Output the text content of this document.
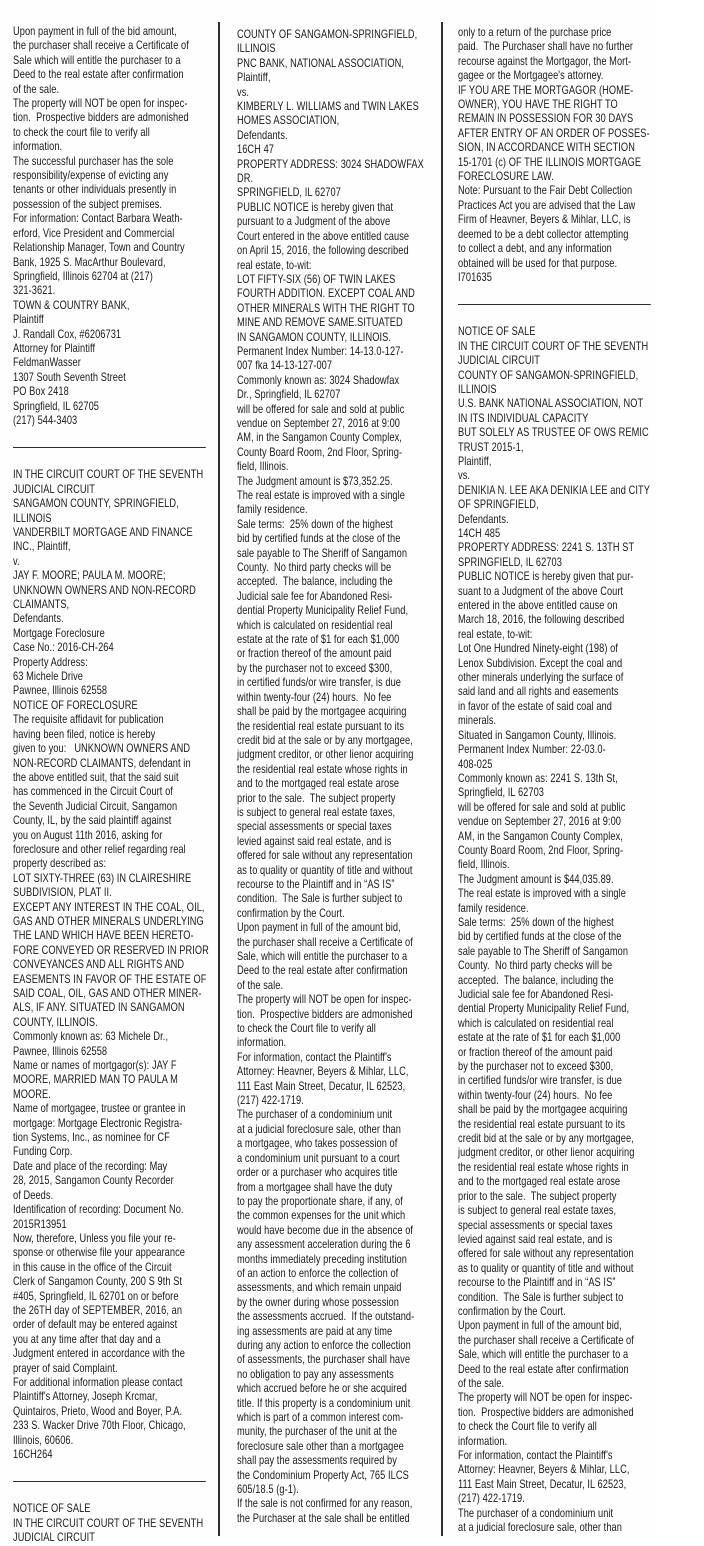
Upon payment in full of the bid amount,
the purchaser shall receive a Certificate of
Sale which will entitle the purchaser to a
Deed to the real estate after confirmation
of the sale.
The property will NOT be open for inspec-
tion.  Prospective bidders are admonished
to check the court file to verify all
information.
The successful purchaser has the sole
responsibility/expense of evicting any
tenants or other individuals presently in
possession of the subject premises.
For information: Contact Barbara Weath-
erford, Vice President and Commercial
Relationship Manager, Town and Country
Bank, 1925 S. MacArthur Boulevard,
Springfield, Illinois 62704 at (217)
321-3621.
TOWN & COUNTRY BANK,
Plaintiff
J. Randall Cox, #6206731
Attorney for Plaintiff
FeldmanWasser
1307 South Seventh Street
PO Box 2418
Springfield, IL 62705
(217) 544-3403
IN THE CIRCUIT COURT OF THE SEVENTH
JUDICIAL CIRCUIT
SANGAMON COUNTY, SPRINGFIELD,
ILLINOIS
VANDERBILT MORTGAGE AND FINANCE
INC., Plaintiff,
v.
JAY F. MOORE; PAULA M. MOORE;
UNKNOWN OWNERS AND NON-RECORD
CLAIMANTS,
Defendants.
Mortgage Foreclosure
Case No.: 2016-CH-264
Property Address:
63 Michele Drive
Pawnee, Illinois 62558
NOTICE OF FORECLOSURE
The requisite affidavit for publication
having been filed, notice is hereby
given to you:   UNKNOWN OWNERS AND
NON-RECORD CLAIMANTS, defendant in
the above entitled suit, that the said suit
has commenced in the Circuit Court of
the Seventh Judicial Circuit, Sangamon
County, IL, by the said plaintiff against
you on August 11th 2016, asking for
foreclosure and other relief regarding real
property described as:
LOT SIXTY-THREE (63) IN CLAIRESHIRE
SUBDIVISION, PLAT II.
EXCEPT ANY INTEREST IN THE COAL, OIL,
GAS AND OTHER MINERALS UNDERLYING
THE LAND WHICH HAVE BEEN HERETO-
FORE CONVEYED OR RESERVED IN PRIOR
CONVEYANCES AND ALL RIGHTS AND
EASEMENTS IN FAVOR OF THE ESTATE OF
SAID COAL, OIL, GAS AND OTHER MINER-
ALS, IF ANY. SITUATED IN SANGAMON
COUNTY, ILLINOIS.
Commonly known as: 63 Michele Dr.,
Pawnee, Illinois 62558
Name or names of mortgagor(s): JAY F
MOORE, MARRIED MAN TO PAULA M
MOORE.
Name of mortgagee, trustee or grantee in
mortgage: Mortgage Electronic Registra-
tion Systems, Inc., as nominee for CF
Funding Corp.
Date and place of the recording: May
28, 2015, Sangamon County Recorder
of Deeds.
Identification of recording: Document No.
2015R13951
Now, therefore, Unless you file your re-
sponse or otherwise file your appearance
in this cause in the office of the Circuit
Clerk of Sangamon County, 200 S 9th St
#405, Springfield, IL 62701 on or before
the 26TH day of SEPTEMBER, 2016, an
order of default may be entered against
you at any time after that day and a
Judgment entered in accordance with the
prayer of said Complaint.
For additional information please contact
Plaintiff's Attorney, Joseph Krcmar,
Quintairos, Prieto, Wood and Boyer, P.A.
233 S. Wacker Drive 70th Floor, Chicago,
Illinois, 60606.
16CH264
NOTICE OF SALE
IN THE CIRCUIT COURT OF THE SEVENTH
JUDICIAL CIRCUIT
COUNTY OF SANGAMON-SPRINGFIELD,
ILLINOIS
PNC BANK, NATIONAL ASSOCIATION,
Plaintiff,
vs.
KIMBERLY L. WILLIAMS and TWIN LAKES
HOMES ASSOCIATION,
Defendants.
16CH 47
PROPERTY ADDRESS: 3024 SHADOWFAX
DR.
SPRINGFIELD, IL 62707
PUBLIC NOTICE is hereby given that
pursuant to a Judgment of the above
Court entered in the above entitled cause
on April 15, 2016, the following described
real estate, to-wit:
LOT FIFTY-SIX (56) OF TWIN LAKES
FOURTH ADDITION. EXCEPT COAL AND
OTHER MINERALS WITH THE RIGHT TO
MINE AND REMOVE SAME.SITUATED
IN SANGAMON COUNTY, ILLINOIS.
Permanent Index Number: 14-13.0-127-
007 fka 14-13-127-007
Commonly known as: 3024 Shadowfax
Dr., Springfield, IL 62707
will be offered for sale and sold at public
vendue on September 27, 2016 at 9:00
AM, in the Sangamon County Complex,
County Board Room, 2nd Floor, Spring-
field, Illinois.
The Judgment amount is $73,352.25.
The real estate is improved with a single
family residence.
Sale terms:  25% down of the highest
bid by certified funds at the close of the
sale payable to The Sheriff of Sangamon
County.  No third party checks will be
accepted.  The balance, including the
Judicial sale fee for Abandoned Resi-
dential Property Municipality Relief Fund,
which is calculated on residential real
estate at the rate of $1 for each $1,000
or fraction thereof of the amount paid
by the purchaser not to exceed $300,
in certified funds/or wire transfer, is due
within twenty-four (24) hours.  No fee
shall be paid by the mortgagee acquiring
the residential real estate pursuant to its
credit bid at the sale or by any mortgagee,
judgment creditor, or other lienor acquiring
the residential real estate whose rights in
and to the mortgaged real estate arose
prior to the sale.  The subject property
is subject to general real estate taxes,
special assessments or special taxes
levied against said real estate, and is
offered for sale without any representation
as to quality or quantity of title and without
recourse to the Plaintiff and in “AS IS”
condition.  The Sale is further subject to
confirmation by the Court.
Upon payment in full of the amount bid,
the purchaser shall receive a Certificate of
Sale, which will entitle the purchaser to a
Deed to the real estate after confirmation
of the sale.
The property will NOT be open for inspec-
tion.  Prospective bidders are admonished
to check the Court file to verify all
information.
For information, contact the Plaintiff's
Attorney: Heavner, Beyers & Mihlar, LLC,
111 East Main Street, Decatur, IL 62523,
(217) 422-1719.
The purchaser of a condominium unit
at a judicial foreclosure sale, other than
a mortgagee, who takes possession of
a condominium unit pursuant to a court
order or a purchaser who acquires title
from a mortgagee shall have the duty
to pay the proportionate share, if any, of
the common expenses for the unit which
would have become due in the absence of
any assessment acceleration during the 6
months immediately preceding institution
of an action to enforce the collection of
assessments, and which remain unpaid
by the owner during whose possession
the assessments accrued.  If the outstand-
ing assessments are paid at any time
during any action to enforce the collection
of assessments, the purchaser shall have
no obligation to pay any assessments
which accrued before he or she acquired
title. If this property is a condominium unit
which is part of a common interest com-
munity, the purchaser of the unit at the
foreclosure sale other than a mortgagee
shall pay the assessments required by
the Condominium Property Act, 765 ILCS
605/18.5 (g-1).
If the sale is not confirmed for any reason,
the Purchaser at the sale shall be entitled
only to a return of the purchase price
paid.  The Purchaser shall have no further
recourse against the Mortgagor, the Mort-
gagee or the Mortgagee's attorney.
IF YOU ARE THE MORTGAGOR (HOME-
OWNER), YOU HAVE THE RIGHT TO
REMAIN IN POSSESSION FOR 30 DAYS
AFTER ENTRY OF AN ORDER OF POSSES-
SION, IN ACCORDANCE WITH SECTION
15-1701 (c) OF THE ILLINOIS MORTGAGE
FORECLOSURE LAW.
Note: Pursuant to the Fair Debt Collection
Practices Act you are advised that the Law
Firm of Heavner, Beyers & Mihlar, LLC, is
deemed to be a debt collector attempting
to collect a debt, and any information
obtained will be used for that purpose.
I701635
NOTICE OF SALE
IN THE CIRCUIT COURT OF THE SEVENTH
JUDICIAL CIRCUIT
COUNTY OF SANGAMON-SPRINGFIELD,
ILLINOIS
U.S. BANK NATIONAL ASSOCIATION, NOT
IN ITS INDIVIDUAL CAPACITY
BUT SOLELY AS TRUSTEE OF OWS REMIC
TRUST 2015-1,
Plaintiff,
vs.
DENIKIA N. LEE AKA DENIKIA LEE and CITY
OF SPRINGFIELD,
Defendants.
14CH 485
PROPERTY ADDRESS: 2241 S. 13TH ST
SPRINGFIELD, IL 62703
PUBLIC NOTICE is hereby given that pur-
suant to a Judgment of the above Court
entered in the above entitled cause on
March 18, 2016, the following described
real estate, to-wit:
Lot One Hundred Ninety-eight (198) of
Lenox Subdivision. Except the coal and
other minerals underlying the surface of
said land and all rights and easements
in favor of the estate of said coal and
minerals.
Situated in Sangamon County, Illinois.
Permanent Index Number: 22-03.0-
408-025
Commonly known as: 2241 S. 13th St,
Springfield, IL 62703
will be offered for sale and sold at public
vendue on September 27, 2016 at 9:00
AM, in the Sangamon County Complex,
County Board Room, 2nd Floor, Spring-
field, Illinois.
The Judgment amount is $44,035.89.
The real estate is improved with a single
family residence.
Sale terms:  25% down of the highest
bid by certified funds at the close of the
sale payable to The Sheriff of Sangamon
County.  No third party checks will be
accepted.  The balance, including the
Judicial sale fee for Abandoned Resi-
dential Property Municipality Relief Fund,
which is calculated on residential real
estate at the rate of $1 for each $1,000
or fraction thereof of the amount paid
by the purchaser not to exceed $300,
in certified funds/or wire transfer, is due
within twenty-four (24) hours.  No fee
shall be paid by the mortgagee acquiring
the residential real estate pursuant to its
credit bid at the sale or by any mortgagee,
judgment creditor, or other lienor acquiring
the residential real estate whose rights in
and to the mortgaged real estate arose
prior to the sale.  The subject property
is subject to general real estate taxes,
special assessments or special taxes
levied against said real estate, and is
offered for sale without any representation
as to quality or quantity of title and without
recourse to the Plaintiff and in “AS IS”
condition.  The Sale is further subject to
confirmation by the Court.
Upon payment in full of the amount bid,
the purchaser shall receive a Certificate of
Sale, which will entitle the purchaser to a
Deed to the real estate after confirmation
of the sale.
The property will NOT be open for inspec-
tion.  Prospective bidders are admonished
to check the Court file to verify all
information.
For information, contact the Plaintiff's
Attorney: Heavner, Beyers & Mihlar, LLC,
111 East Main Street, Decatur, IL 62523,
(217) 422-1719.
The purchaser of a condominium unit
at a judicial foreclosure sale, other than
